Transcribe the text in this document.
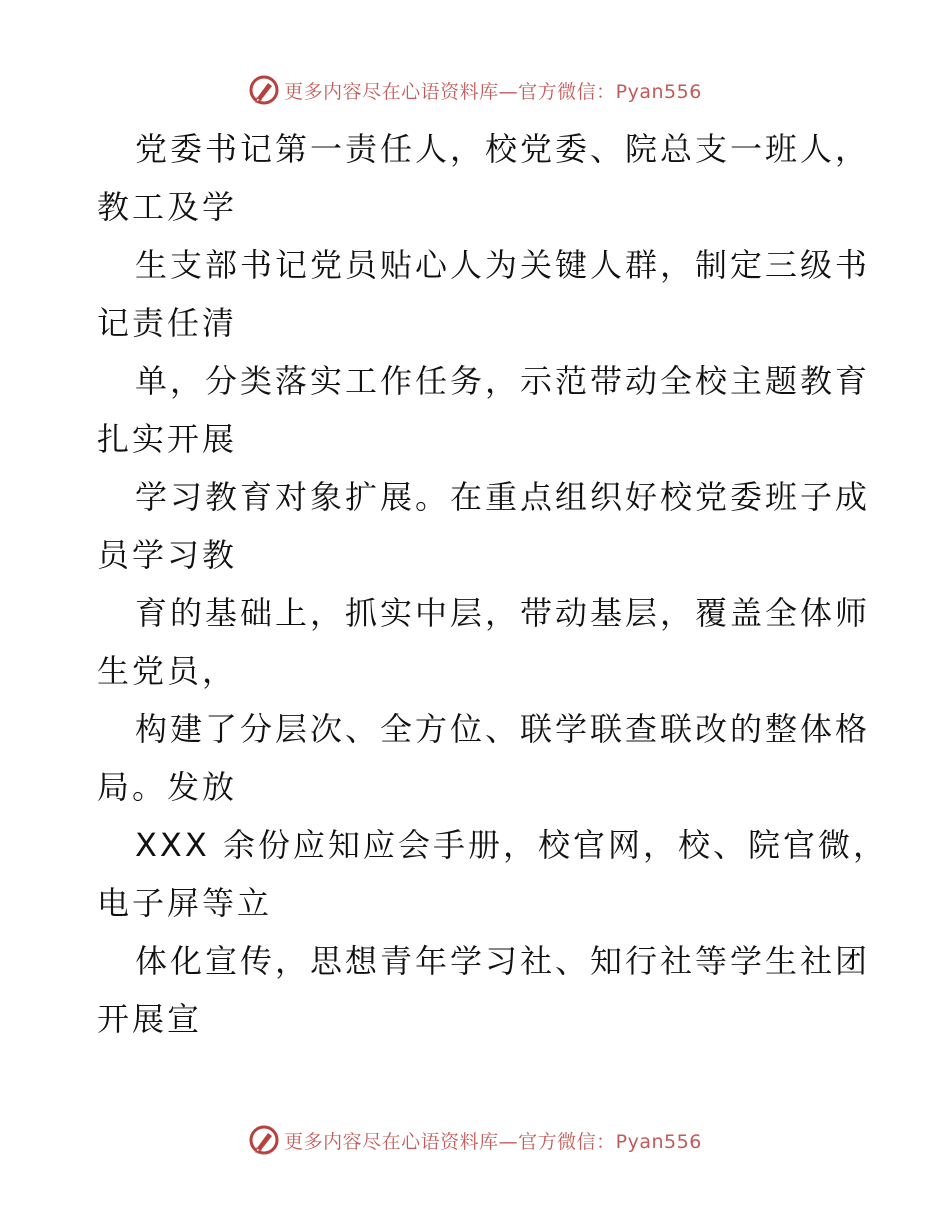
更多内容尽在心语资料库—官方微信：Pyan556
党委书记第一责任人，校党委、院总支一班人，
教工及学
生支部书记党员贴心人为关键人群，制定三级书
记责任清
单，分类落实工作任务，示范带动全校主题教育
扎实开展
学习教育对象扩展。在重点组织好校党委班子成
员学习教
育的基础上，抓实中层，带动基层，覆盖全体师
生党员，
构建了分层次、全方位、联学联查联改的整体格
局。发放
XXX 余份应知应会手册，校官网，校、院官微，
电子屏等立
体化宣传，思想青年学习社、知行社等学生社团
开展宣
更多内容尽在心语资料库—官方微信：Pyan556
